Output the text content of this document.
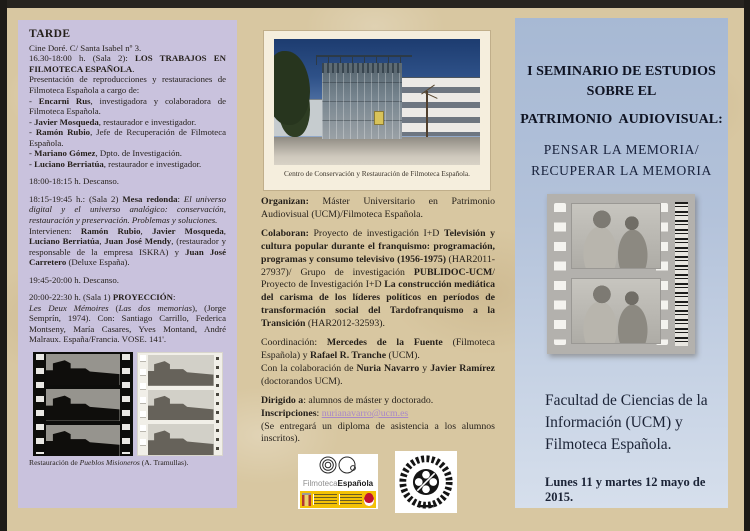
TARDE

Cine Doré. C/ Santa Isabel nº 3.

16.30-18:00 h. (Sala 2): LOS TRABAJOS EN FILMOTECA ESPAÑOLA.

Presentación de reproducciones y restauraciones de Filmoteca Española a cargo de:

- Encarni Rus, investigadora y colaboradora de Filmoteca Española.

- Javier Mosqueda, restaurador e investigador.

- Ramón Rubio, Jefe de Recuperación de Filmoteca Española.

- Mariano Gómez, Dpto. de Investigación.

- Luciano Berriatúa, restaurador e investigador.

18:00-18:15 h. Descanso.

18:15-19:45 h.: (Sala 2) Mesa redonda: El universo digital y el universo analógico: conservación, restauración y preservación. Problemas y soluciones.

Intervienen: Ramón Rubio, Javier Mosqueda, Luciano Berriatúa, Juan José Mendy, (restaurador y responsable de la empresa ISKRA) y Juan José Carretero (Deluxe España).

19:45-20:00 h. Descanso.

20:00-22:30 h. (Sala 1) PROYECCIÓN:

Les Deux Mémoires (Las dos memorias), (Jorge Semprín, 1974). Con: Santiago Carrillo, Federica Montseny, María Casares, Yves Montand, André Malraux. España/Francia. VOSE. 141'.

Restauración de Pueblos Misioneros (A. Tramullas).

Centro de Conservación y Restauración de Filmoteca Española.

Organizan: Máster Universitario en Patrimonio Audiovisual (UCM)/Filmoteca Española.

Colaboran: Proyecto de investigación I+D Televisión y cultura popular durante el franquismo: programación, programas y consumo televisivo (1956-1975) (HAR2011-27937)/ Grupo de investigación PUBLIDOC-UCM/ Proyecto de Investigación I+D La construcción mediática del carisma de los líderes políticos en períodos de transformación social del Tardofranquismo a la Transición (HAR2012-32593).

Coordinación: Mercedes de la Fuente (Filmoteca Española) y Rafael R. Tranche (UCM).

Con la colaboración de Nuria Navarro y Javier Ramírez (doctorandos UCM).

Dirigido a: alumnos de máster y doctorado.

Inscripciones: nurianavarro@ucm.es

(Se entregará un diploma de asistencia a los alumnos inscritos).

FilmotecaEspañola
I SEMINARIO DE ESTUDIOS
SOBRE EL
PATRIMONIO  AUDIOVISUAL:
PENSAR LA MEMORIA/
RECUPERAR LA MEMORIA
Facultad de Ciencias de la Información (UCM) y Filmoteca Española.
Lunes 11 y martes 12 mayo de 2015.
